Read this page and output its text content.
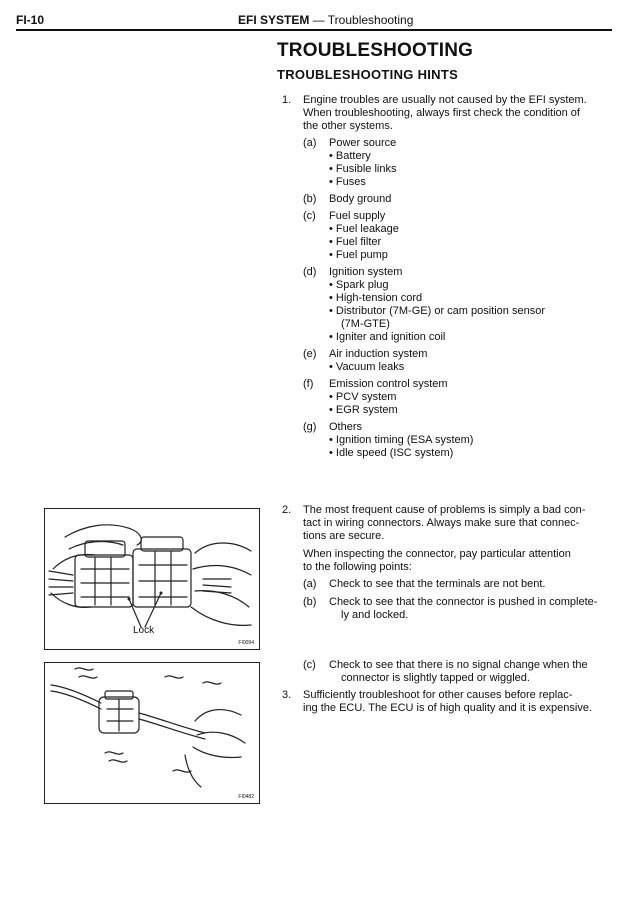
FI-10	EFI SYSTEM — Troubleshooting
TROUBLESHOOTING
TROUBLESHOOTING HINTS
1. Engine troubles are usually not caused by the EFI system.
When troubleshooting, always first check the condition of
the other systems.
(a) Power source
• Battery
• Fusible links
• Fuses
(b) Body ground
(c) Fuel supply
• Fuel leakage
• Fuel filter
• Fuel pump
(d) Ignition system
• Spark plug
• High-tension cord
• Distributor (7M-GE) or cam position sensor
(7M-GTE)
• Igniter and ignition coil
(e) Air induction system
• Vacuum leaks
(f) Emission control system
• PCV system
• EGR system
(g) Others
• Ignition timing (ESA system)
• Idle speed (ISC system)
2. The most frequent cause of problems is simply a bad con-
tact in wiring connectors. Always make sure that connec-
tions are secure.
When inspecting the connector, pay particular attention
to the following points:
(a) Check to see that the terminals are not bent.
(b) Check to see that the connector is pushed in complete-
ly and locked.
(c) Check to see that there is no signal change when the
connector is slightly tapped or wiggled.
3. Sufficiently troubleshoot for other causes before replac-
ing the ECU. The ECU is of high quality and it is expensive.
Lock
FI0094
FI0482
